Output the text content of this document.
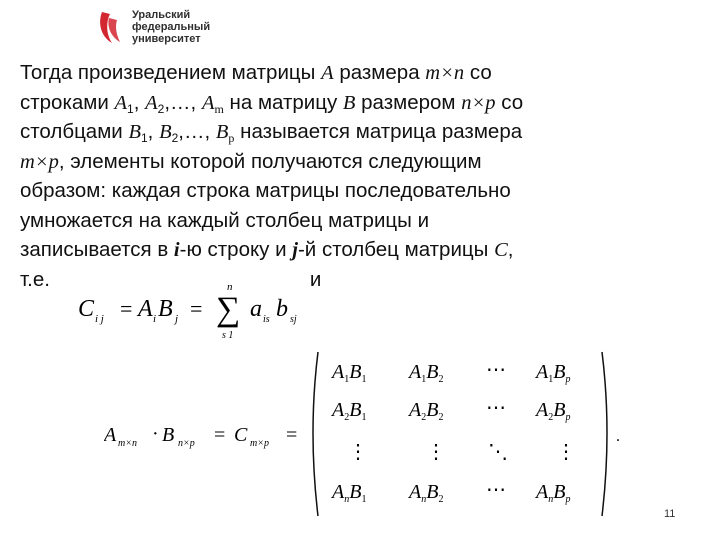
Уральский
федеральный
университет
Тогда произведением матрицы A размера m×n со
строками $A_1$, $A_2,\dots$, $A_m$ на матрицу B размером n×p со
столбцами $B_1$, $B_2,\dots$, $B_p$ называется матрица размера
m×p, элементы которой получаются следующим
образом: каждая строка матрицы последовательно
умножается на каждый столбец матрицы и
записывается в i-ю строку и j-й столбец матрицы C,
т.е.	и
C i j = A i B j = ∑
n
s 1
a is b sj
A m×n · B n×p = C m×p =
$A_1B_1$ $A_1B_2$ ⋯ $A_1B_p$
$A_2B_1$ $A_2B_2$ ⋯ $A_2B_p$
⋮	⋮ ⋱ ⋮
$A_nB_1$ $A_nB_2$ ⋯ $A_nB_p$
.
11
